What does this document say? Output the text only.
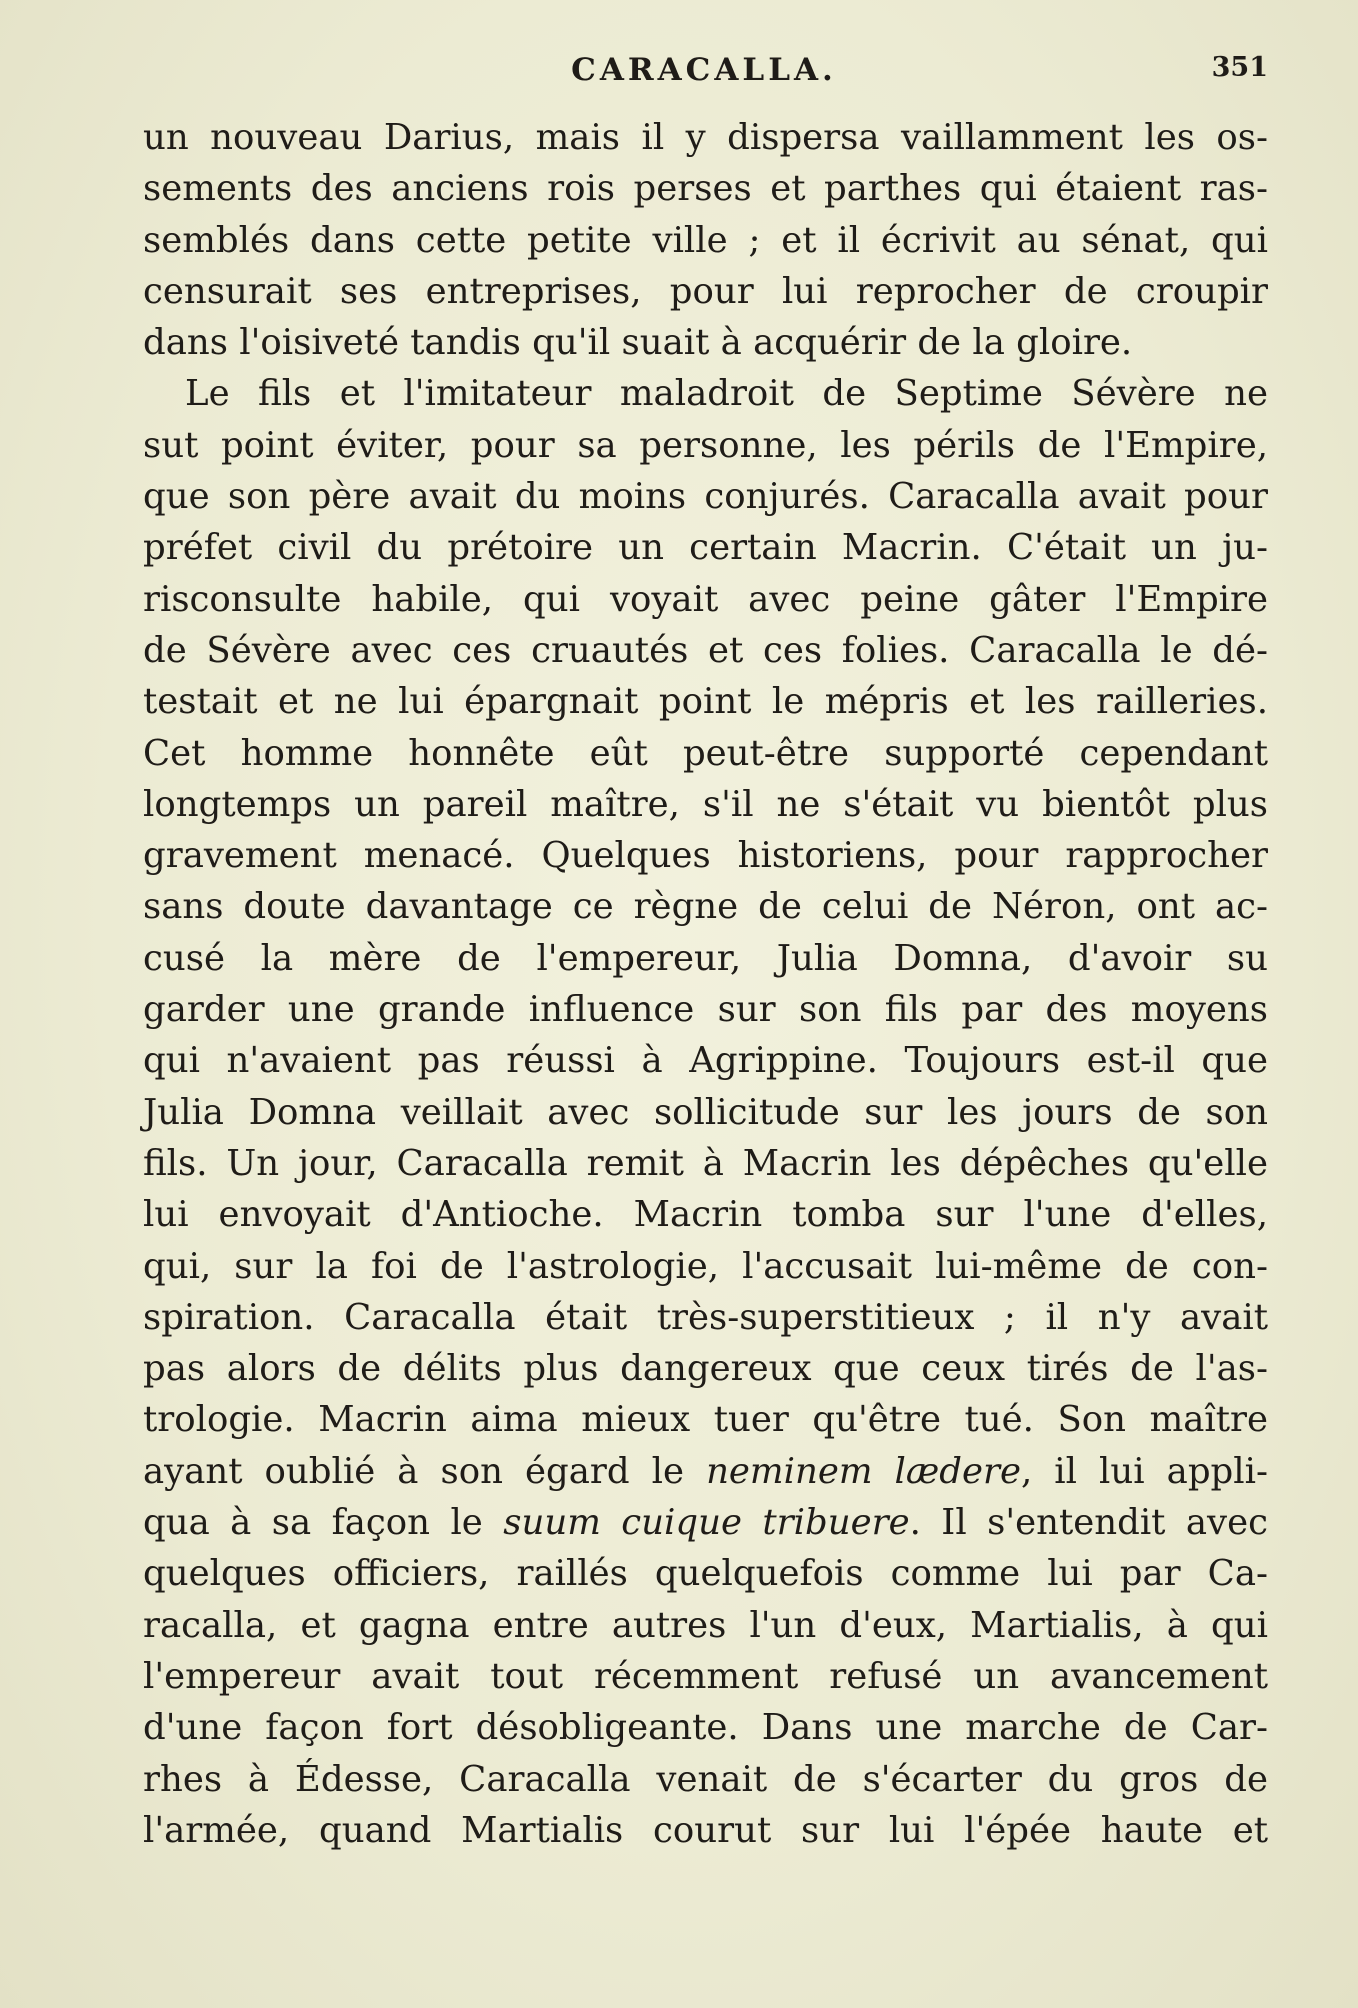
CARACALLA.	351
un nouveau Darius, mais il y dispersa vaillamment les os-
sements des anciens rois perses et parthes qui étaient ras-
semblés dans cette petite ville ; et il écrivit au sénat, qui
censurait ses entreprises, pour lui reprocher de croupir
dans l'oisiveté tandis qu'il suait à acquérir de la gloire.
Le fils et l'imitateur maladroit de Septime Sévère ne
sut point éviter, pour sa personne, les périls de l'Empire,
que son père avait du moins conjurés. Caracalla avait pour
préfet civil du prétoire un certain Macrin. C'était un ju-
risconsulte habile, qui voyait avec peine gâter l'Empire
de Sévère avec ces cruautés et ces folies. Caracalla le dé-
testait et ne lui épargnait point le mépris et les railleries.
Cet homme honnête eût peut-être supporté cependant
longtemps un pareil maître, s'il ne s'était vu bientôt plus
gravement menacé. Quelques historiens, pour rapprocher
sans doute davantage ce règne de celui de Néron, ont ac-
cusé la mère de l'empereur, Julia Domna, d'avoir su
garder une grande influence sur son fils par des moyens
qui n'avaient pas réussi à Agrippine. Toujours est-il que
Julia Domna veillait avec sollicitude sur les jours de son
fils. Un jour, Caracalla remit à Macrin les dépêches qu'elle
lui envoyait d'Antioche. Macrin tomba sur l'une d'elles,
qui, sur la foi de l'astrologie, l'accusait lui-même de con-
spiration. Caracalla était très-superstitieux ; il n'y avait
pas alors de délits plus dangereux que ceux tirés de l'as-
trologie. Macrin aima mieux tuer qu'être tué. Son maître
ayant oublié à son égard le neminem lædere, il lui appli-
qua à sa façon le suum cuique tribuere. Il s'entendit avec
quelques officiers, raillés quelquefois comme lui par Ca-
racalla, et gagna entre autres l'un d'eux, Martialis, à qui
l'empereur avait tout récemment refusé un avancement
d'une façon fort désobligeante. Dans une marche de Car-
rhes à Édesse, Caracalla venait de s'écarter du gros de
l'armée, quand Martialis courut sur lui l'épée haute et
